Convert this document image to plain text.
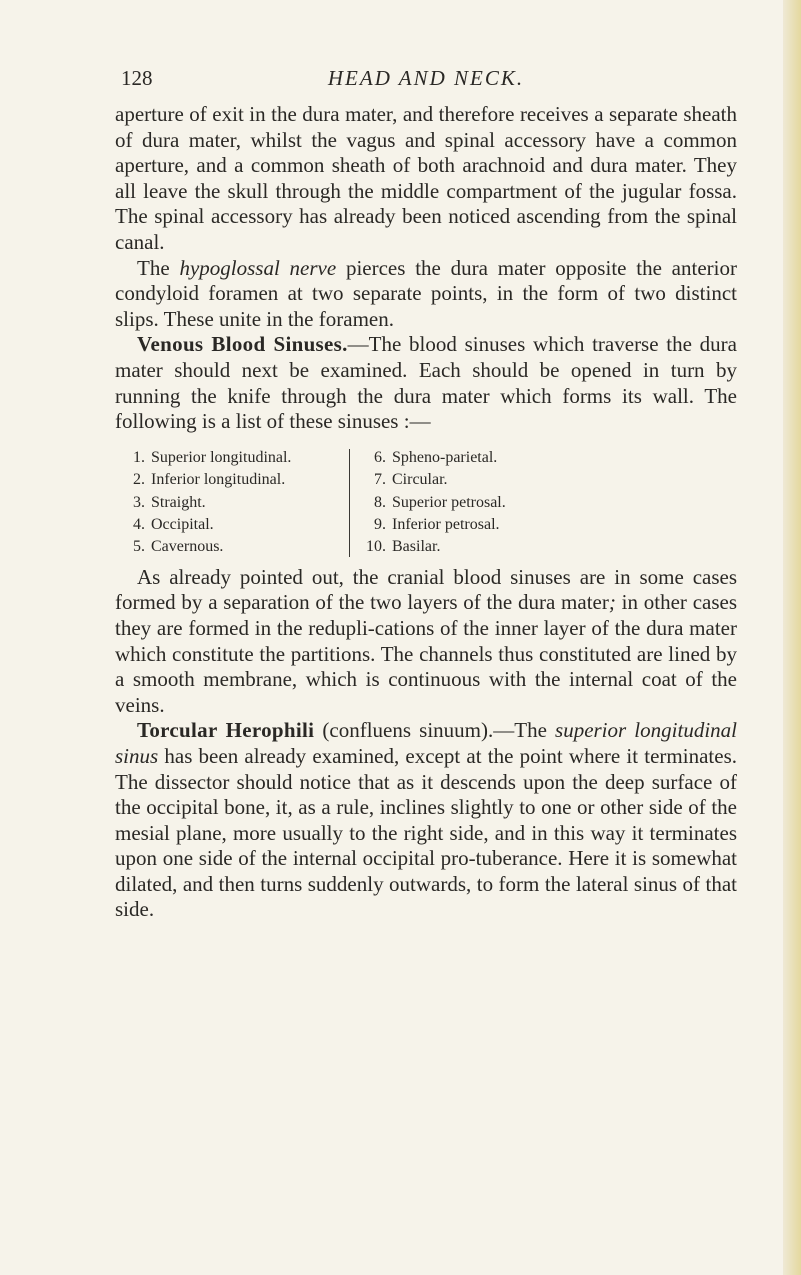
128	HEAD AND NECK.

aperture of exit in the dura mater, and therefore receives a separate sheath of dura mater, whilst the vagus and spinal accessory have a common aperture, and a common sheath of both arachnoid and dura mater. They all leave the skull through the middle compartment of the jugular fossa. The spinal accessory has already been noticed ascending from the spinal canal.

The hypoglossal nerve pierces the dura mater opposite the anterior condyloid foramen at two separate points, in the form of two distinct slips. These unite in the foramen.

Venous Blood Sinuses.—The blood sinuses which traverse the dura mater should next be examined. Each should be opened in turn by running the knife through the dura mater which forms its wall. The following is a list of these sinuses :—

1. Superior longitudinal.
2. Inferior longitudinal.
3. Straight.
4. Occipital.
5. Cavernous.
6. Spheno-parietal.
7. Circular.
8. Superior petrosal.
9. Inferior petrosal.
10. Basilar.

As already pointed out, the cranial blood sinuses are in some cases formed by a separation of the two layers of the dura mater; in other cases they are formed in the redupli-cations of the inner layer of the dura mater which constitute the partitions. The channels thus constituted are lined by a smooth membrane, which is continuous with the internal coat of the veins.

Torcular Herophili (confluens sinuum).—The superior longitudinal sinus has been already examined, except at the point where it terminates. The dissector should notice that as it descends upon the deep surface of the occipital bone, it, as a rule, inclines slightly to one or other side of the mesial plane, more usually to the right side, and in this way it terminates upon one side of the internal occipital pro-tuberance. Here it is somewhat dilated, and then turns suddenly outwards, to form the lateral sinus of that side.
